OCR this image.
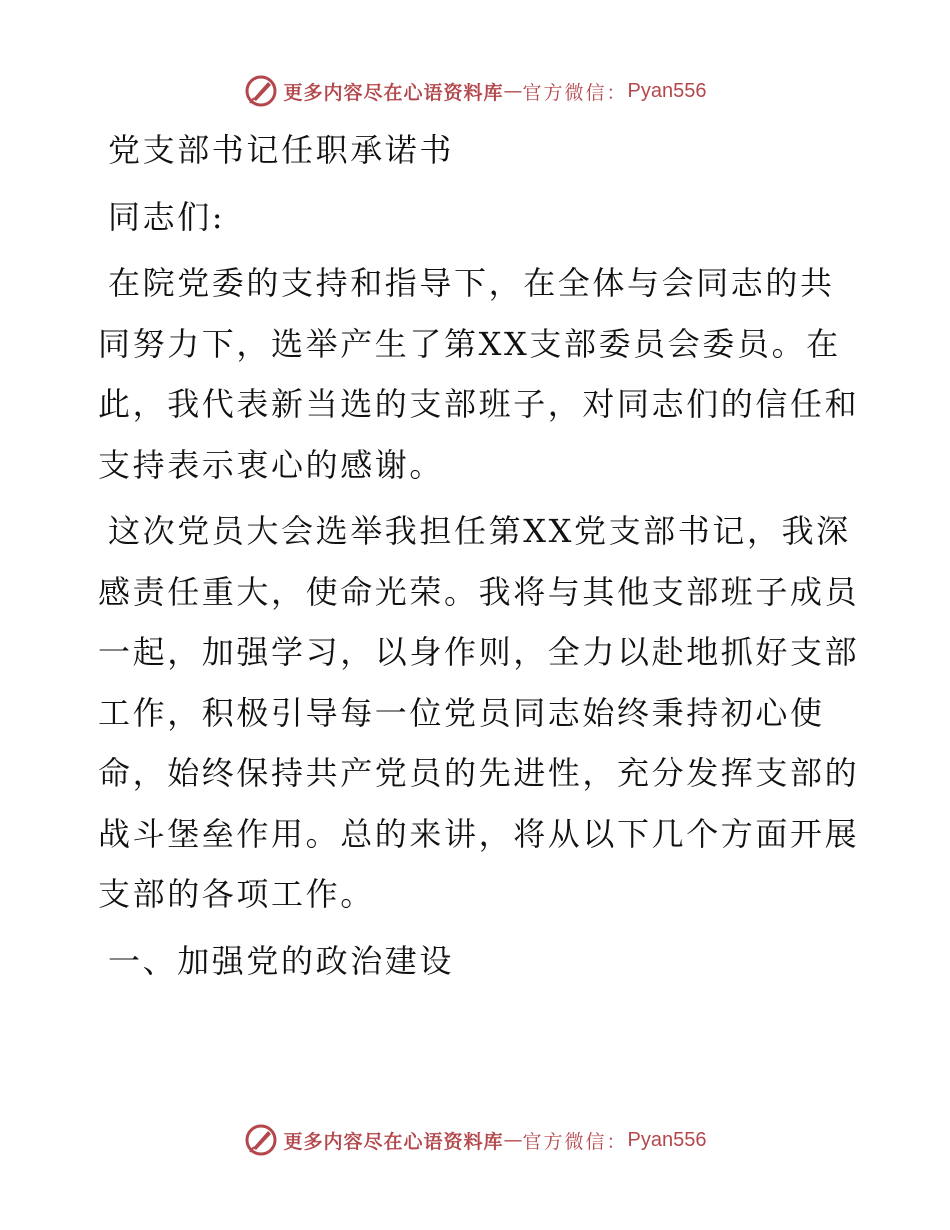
更多内容尽在心语资料库 — 官方微信： Pyan556
党支部书记任职承诺书
同志们:
在院党委的支持和指导下，在全体与会同志的共
同努力下，选举产生了第XX支部委员会委员。在
此，我代表新当选的支部班子，对同志们的信任和
支持表示衷心的感谢。
这次党员大会选举我担任第XX党支部书记，我深
感责任重大，使命光荣。我将与其他支部班子成员
一起，加强学习，以身作则，全力以赴地抓好支部
工作，积极引导每一位党员同志始终秉持初心使
命，始终保持共产党员的先进性，充分发挥支部的
战斗堡垒作用。总的来讲，将从以下几个方面开展
支部的各项工作。
一、加强党的政治建设
更多内容尽在心语资料库 — 官方微信： Pyan556
